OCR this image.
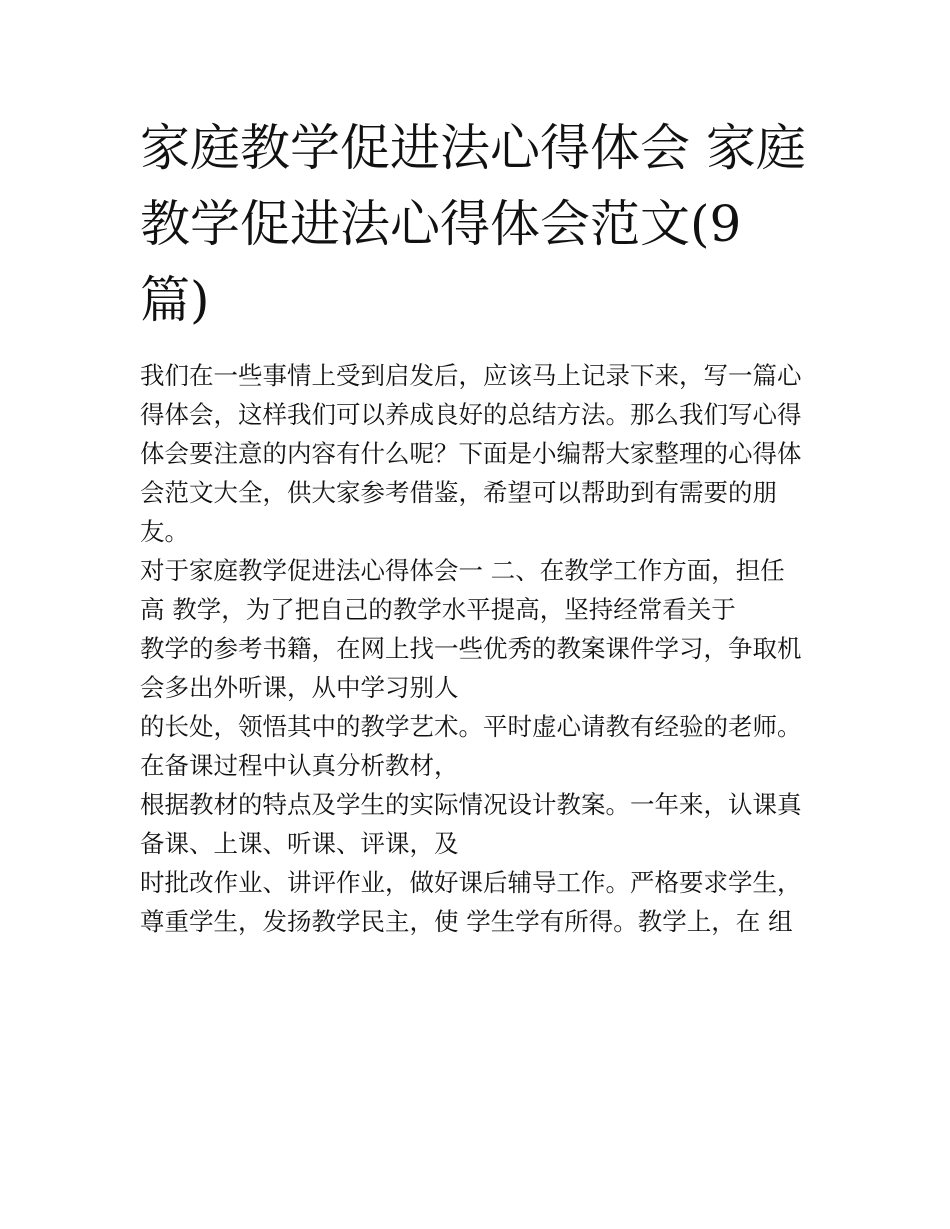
家庭教学促进法心得体会 家庭
教学促进法心得体会范文(9
篇)

我们在一些事情上受到启发后，应该马上记录下来，写一篇心
得体会，这样我们可以养成良好的总结方法。那么我们写心得
体会要注意的内容有什么呢？下面是小编帮大家整理的心得体
会范文大全，供大家参考借鉴，希望可以帮助到有需要的朋
友。

对于家庭教学促进法心得体会一 二、在教学工作方面，担任
高 教学，为了把自己的教学水平提高，坚持经常看关于
教学的参考书籍，在网上找一些优秀的教案课件学习，争取机
会多出外听课，从中学习别人
的长处，领悟其中的教学艺术。平时虚心请教有经验的老师。
在备课过程中认真分析教材，
根据教材的特点及学生的实际情况设计教案。一年来，认课真
备课、上课、听课、评课，及
时批改作业、讲评作业，做好课后辅导工作。严格要求学生，
尊重学生，发扬教学民主，使 学生学有所得。教学上，在 组
